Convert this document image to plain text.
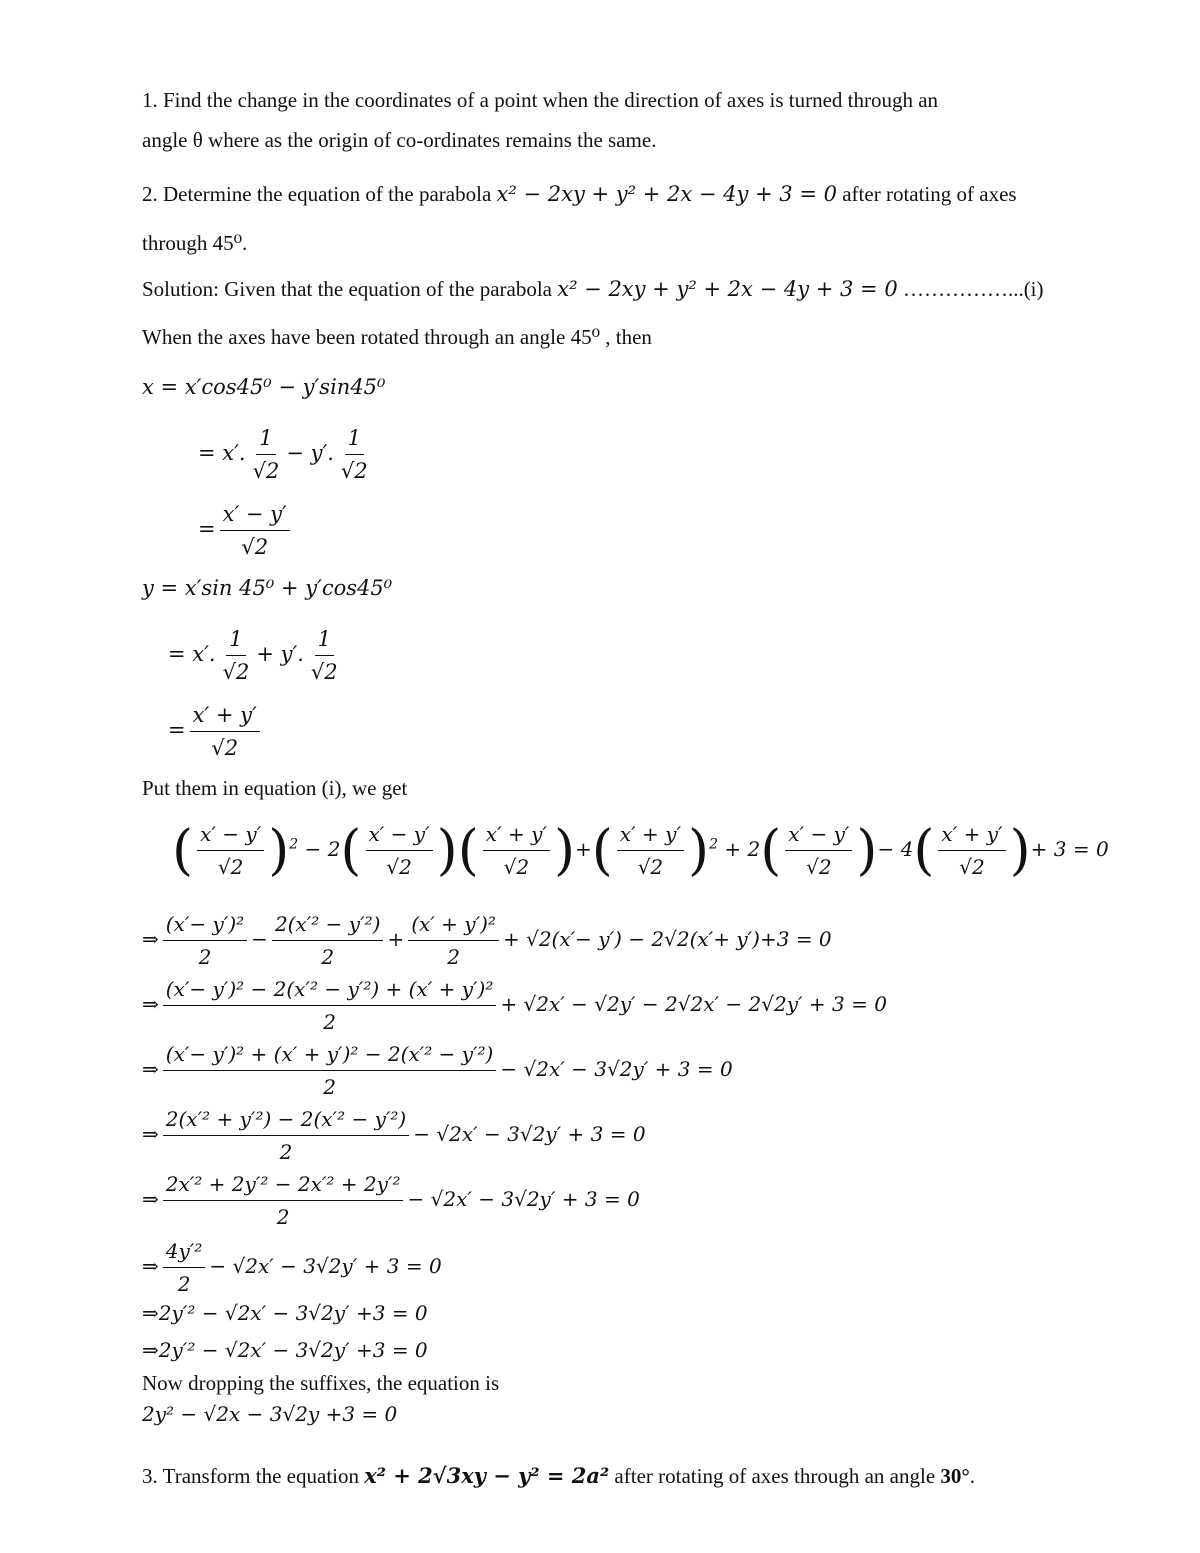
1. Find the change in the coordinates of a point when the direction of axes is turned through an
angle θ where as the origin of co-ordinates remains the same.
2. Determine the equation of the parabola x² − 2xy + y² + 2x − 4y + 3 = 0 after rotating of axes
through 45⁰.
Solution: Given that the equation of the parabola x² − 2xy + y² + 2x − 4y + 3 = 0 ……………...(i)
When the axes have been rotated through an angle 45⁰ , then
x = x′cos45⁰ − y′sin45⁰
= x′. $\frac{1}{√2} - y'$. $\frac{1}{√2}$
= $\frac{x' - y'}{√2}$
y = x′sin 45⁰ + y′cos45⁰
= x′. $\frac{1}{√2} + y'$. $\frac{1}{√2}$
= $\frac{x' + y'}{√2}$
Put them in equation (i), we get
( $\frac{x' - y'}{√2} )^2 - 2( \frac{x' - y'}{√2}$ )( $\frac{x' + y'}{√2}$ )+( $\frac{x' + y'}{√2} )^2 + 2( \frac{x' - y'}{√2}$ )− $4( \frac{x' + y'}{√2}$ )+ 3 = 0
⇒ $\frac{\text{(x′− y′)²}}{2} - \frac{\text{2(x′² − y′²)}}{2} + \frac{\text{(x′ + y′)²}}{2} + √2(x'- y') - 2√2(x'+ y')+3 = 0$
⇒ $\frac{\text{(x′− y′)² − 2(x′² − y′²) + (x′ + y′)²}}{2} + √2x' - √2y' - 2√2x' - 2√2y' + 3 = 0$
⇒ $\frac{\text{(x′− y′)² + (x′ + y′)² − 2(x′² − y′²)}}{2} - √2x' - 3√2y' + 3 = 0$
⇒ $\frac{\text{2(x′² + y′²) − 2(x′² − y′²)}}{2} - √2x' - 3√2y' + 3 = 0$
⇒ $\frac{\text{2x′² + 2y′² − 2x′² + 2y′²}}{2} - √2x' - 3√2y' + 3 = 0$
⇒ $\frac{\text{4y′²}}{2} - √2x' - 3√2y' + 3 = 0$
⇒2y′² − √2x′ − 3√2y′ +3 = 0
⇒2y′² − √2x′ − 3√2y′ +3 = 0
Now dropping the suffixes, the equation is
2y² − √2x − 3√2y +3 = 0
3. Transform the equation x² + 2√3xy − y² = 2a² after rotating of axes through an angle 30°.
